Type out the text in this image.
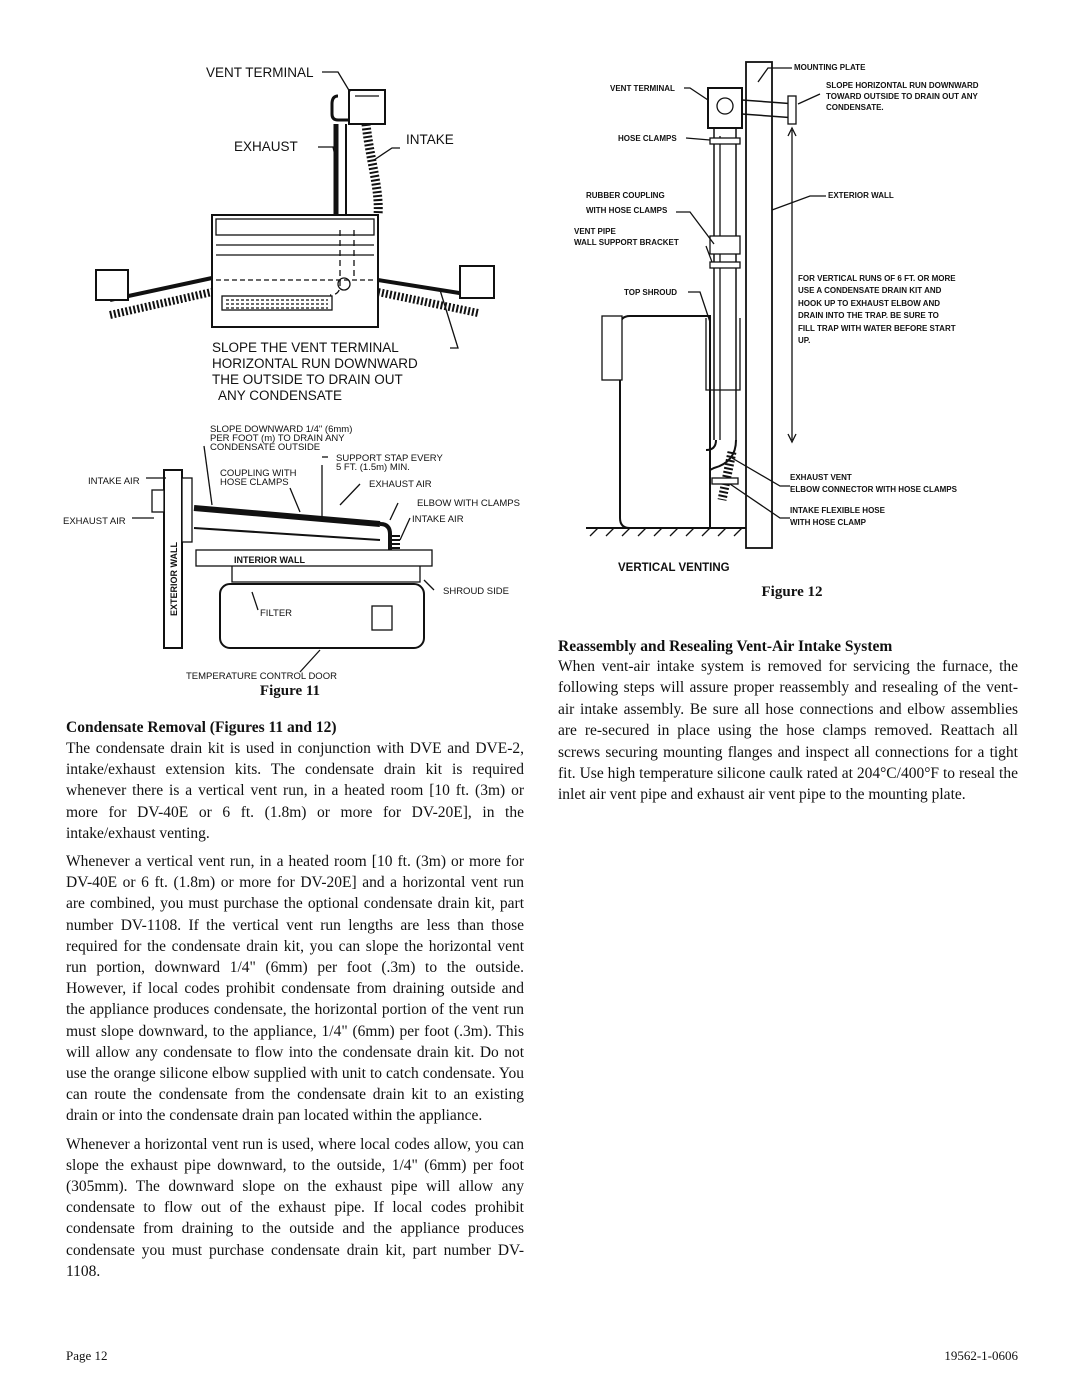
VENT TERMINAL
EXHAUST	INTAKE
SLOPE THE VENT TERMINAL
HORIZONTAL RUN DOWNWARD
THE OUTSIDE TO DRAIN OUT
ANY CONDENSATE
SLOPE DOWNWARD 1/4" (6mm)
PER FOOT (m) TO DRAIN ANY
CONDENSATE OUTSIDE
SUPPORT STAP EVERY
5 FT. (1.5m) MIN.
COUPLING WITH
HOSE CLAMPS	EXHAUST AIR
INTAKE AIR
EXHAUST AIR
ELBOW WITH CLAMPS
INTAKE AIR
INTERIOR WALL
EXTERIOR WALL	SHROUD SIDE
FILTER
TEMPERATURE CONTROL DOOR
Figure 11
MOUNTING PLATE
SLOPE HORIZONTAL RUN DOWNWARD
TOWARD OUTSIDE TO DRAIN OUT ANY
CONDENSATE.
VENT TERMINAL
HOSE CLAMPS
RUBBER COUPLING
WITH HOSE CLAMPS
EXTERIOR WALL
VENT PIPE
WALL SUPPORT BRACKET
FOR VERTICAL RUNS OF 6 FT. OR MORE
USE A CONDENSATE DRAIN KIT AND
HOOK UP TO EXHAUST ELBOW AND
DRAIN INTO THE TRAP. BE SURE TO
FILL TRAP WITH WATER BEFORE START
UP.
TOP SHROUD
EXHAUST VENT
ELBOW CONNECTOR WITH HOSE CLAMPS
INTAKE FLEXIBLE HOSE
WITH HOSE CLAMP
VERTICAL VENTING
Figure 12
Reassembly and Resealing Vent-Air Intake System

When vent-air intake system is removed for servicing the furnace, the following steps will assure proper reassembly and resealing of the vent-air intake assembly. Be sure all hose connections and elbow assemblies are re-secured in place using the hose clamps removed. Reattach all screws securing mounting flanges and inspect all connections for a tight fit. Use high temperature silicone caulk rated at 204°C/400°F to reseal the inlet air vent pipe and exhaust air vent pipe to the mounting plate.

Condensate Removal (Figures 11 and 12)

The condensate drain kit is used in conjunction with DVE and DVE-2, intake/exhaust extension kits. The condensate drain kit is required whenever there is a vertical vent run, in a heated room [10 ft. (3m) or more for DV-40E or 6 ft. (1.8m) or more for DV-20E], in the intake/exhaust venting.

Whenever a vertical vent run, in a heated room [10 ft. (3m) or more for DV-40E or 6 ft. (1.8m) or more for DV-20E] and a horizontal vent run are combined, you must purchase the optional condensate drain kit, part number DV-1108. If the vertical vent run lengths are less than those required for the condensate drain kit, you can slope the horizontal vent run portion, downward 1/4" (6mm) per foot (.3m) to the outside. However, if local codes prohibit condensate from draining outside and the appliance produces condensate, the horizontal portion of the vent run must slope downward, to the appliance, 1/4" (6mm) per foot (.3m). This will allow any condensate to flow into the condensate drain kit. Do not use the orange silicone elbow supplied with unit to catch condensate. You can route the condensate from the condensate drain kit to an existing drain or into the condensate drain pan located within the appliance.

Whenever a horizontal vent run is used, where local codes allow, you can slope the exhaust pipe downward, to the outside, 1/4" (6mm) per foot (305mm). The downward slope on the exhaust pipe will allow any condensate to flow out of the exhaust pipe. If local codes prohibit condensate from draining to the outside and the appliance produces condensate you must purchase condensate drain kit, part number DV-1108.

Page 12	19562-1-0606
